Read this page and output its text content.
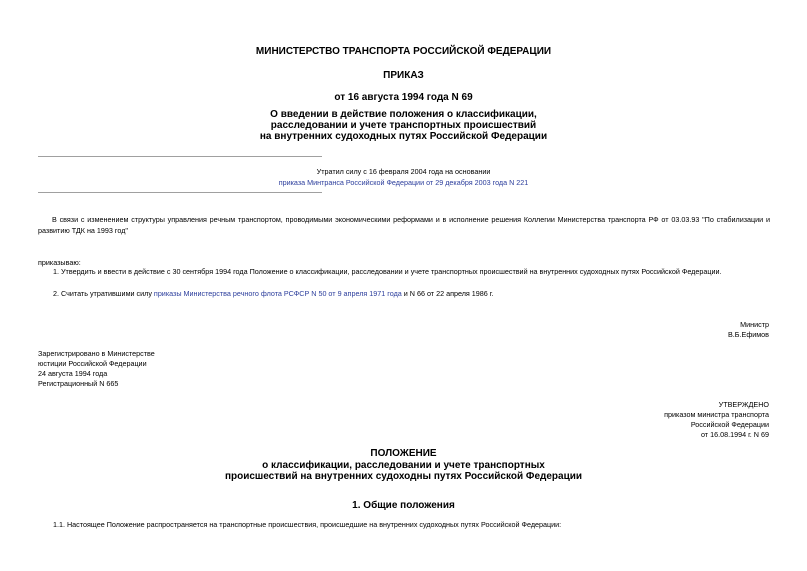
МИНИСТЕРСТВО ТРАНСПОРТА РОССИЙСКОЙ ФЕДЕРАЦИИ
ПРИКАЗ
от 16 августа 1994 года N 69
О введении в действие положения о классификации,
расследовании и учете транспортных происшествий
на внутренних судоходных путях Российской Федерации
Утратил силу с 16 февраля 2004 года на основании
приказа Минтранса Российской Федерации от 29 декабря 2003 года N 221
В связи с изменением структуры управления речным транспортом, проводимыми экономическими реформами и в исполнение решения Коллегии Министерства транспорта РФ от 03.03.93 "По стабилизации и развитию ТДК на 1993 год"
приказываю:
1. Утвердить и ввести в действие с 30 сентября 1994 года Положение о классификации, расследовании и учете транспортных происшествий на внутренних судоходных путях Российской Федерации.
2. Считать утратившими силу приказы Министерства речного флота РСФСР N 50 от 9 апреля 1971 года и N 66 от 22 апреля 1986 г.
Министр
В.Б.Ефимов
Зарегистрировано в Министерстве
юстиции Российской Федерации
24 августа 1994 года
Регистрационный N 665
УТВЕРЖДЕНО
приказом министра транспорта
Российской Федерации
от 16.08.1994 г. N 69
ПОЛОЖЕНИЕ
о классификации, расследовании и учете транспортных
происшествий на внутренних судоходны путях Российской Федерации
1. Общие положения
1.1. Настоящее Положение распространяется на транспортные происшествия, происшедшие на внутренних судоходных путях Российской Федерации:
